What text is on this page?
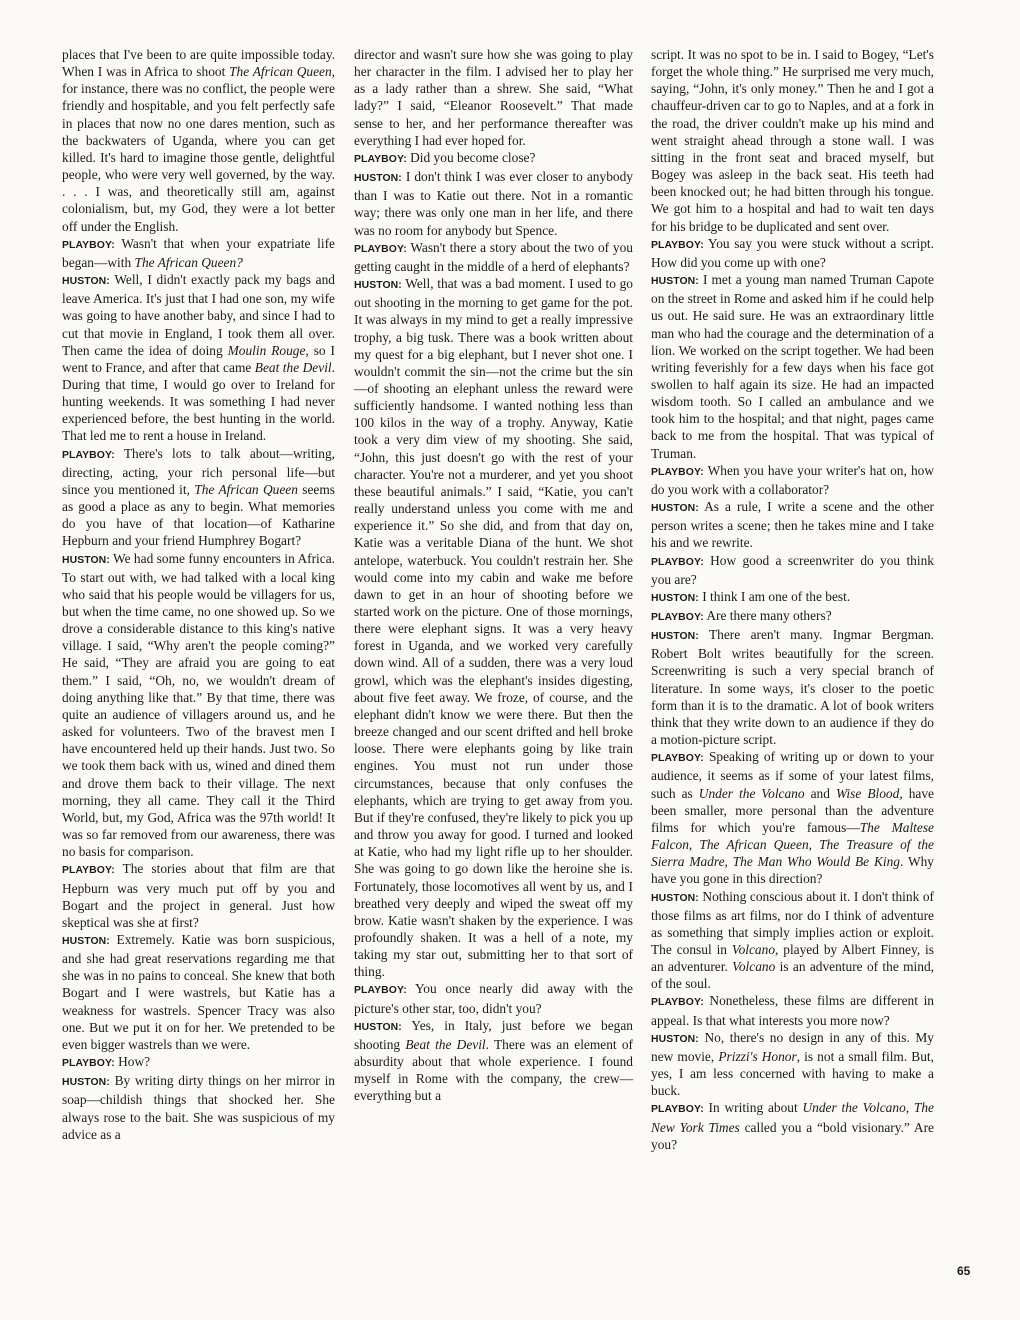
places that I've been to are quite impossible today. When I was in Africa to shoot The African Queen, for instance, there was no conflict, the people were friendly and hospitable, and you felt perfectly safe in places that now no one dares mention, such as the backwaters of Uganda, where you can get killed. It's hard to imagine those gentle, delightful people, who were very well governed, by the way. . . . I was, and theoretically still am, against colonialism, but, my God, they were a lot better off under the English.

PLAYBOY: Wasn't that when your expatriate life began—with The African Queen?

HUSTON: Well, I didn't exactly pack my bags and leave America. It's just that I had one son, my wife was going to have another baby, and since I had to cut that movie in England, I took them all over. Then came the idea of doing Moulin Rouge, so I went to France, and after that came Beat the Devil. During that time, I would go over to Ireland for hunting weekends. It was something I had never experienced before, the best hunting in the world. That led me to rent a house in Ireland.

PLAYBOY: There's lots to talk about—writing, directing, acting, your rich personal life—but since you mentioned it, The African Queen seems as good a place as any to begin. What memories do you have of that location—of Katharine Hepburn and your friend Humphrey Bogart?

HUSTON: We had some funny encounters in Africa. To start out with, we had talked with a local king who said that his people would be villagers for us, but when the time came, no one showed up. So we drove a considerable distance to this king's native village. I said, “Why aren't the people coming?” He said, “They are afraid you are going to eat them.” I said, “Oh, no, we wouldn't dream of doing anything like that.” By that time, there was quite an audience of villagers around us, and he asked for volunteers. Two of the bravest men I have encountered held up their hands. Just two. So we took them back with us, wined and dined them and drove them back to their village. The next morning, they all came. They call it the Third World, but, my God, Africa was the 97th world! It was so far removed from our awareness, there was no basis for comparison.

PLAYBOY: The stories about that film are that Hepburn was very much put off by you and Bogart and the project in general. Just how skeptical was she at first?

HUSTON: Extremely. Katie was born suspicious, and she had great reservations regarding me that she was in no pains to conceal. She knew that both Bogart and I were wastrels, but Katie has a weakness for wastrels. Spencer Tracy was also one. But we put it on for her. We pretended to be even bigger wastrels than we were.

PLAYBOY: How?

HUSTON: By writing dirty things on her mirror in soap—childish things that shocked her. She always rose to the bait. She was suspicious of my advice as a

director and wasn't sure how she was going to play her character in the film. I advised her to play her as a lady rather than a shrew. She said, “What lady?” I said, “Eleanor Roosevelt.” That made sense to her, and her performance thereafter was everything I had ever hoped for.

PLAYBOY: Did you become close?

HUSTON: I don't think I was ever closer to anybody than I was to Katie out there. Not in a romantic way; there was only one man in her life, and there was no room for anybody but Spence.

PLAYBOY: Wasn't there a story about the two of you getting caught in the middle of a herd of elephants?

HUSTON: Well, that was a bad moment. I used to go out shooting in the morning to get game for the pot. It was always in my mind to get a really impressive trophy, a big tusk. There was a book written about my quest for a big elephant, but I never shot one. I wouldn't commit the sin—not the crime but the sin—of shooting an elephant unless the reward were sufficiently handsome. I wanted nothing less than 100 kilos in the way of a trophy. Anyway, Katie took a very dim view of my shooting. She said, “John, this just doesn't go with the rest of your character. You're not a murderer, and yet you shoot these beautiful animals.” I said, “Katie, you can't really understand unless you come with me and experience it.” So she did, and from that day on, Katie was a veritable Diana of the hunt. We shot antelope, waterbuck. You couldn't restrain her. She would come into my cabin and wake me before dawn to get in an hour of shooting before we started work on the picture. One of those mornings, there were elephant signs. It was a very heavy forest in Uganda, and we worked very carefully down wind. All of a sudden, there was a very loud growl, which was the elephant's insides digesting, about five feet away. We froze, of course, and the elephant didn't know we were there. But then the breeze changed and our scent drifted and hell broke loose. There were elephants going by like train engines. You must not run under those circumstances, because that only confuses the elephants, which are trying to get away from you. But if they're confused, they're likely to pick you up and throw you away for good. I turned and looked at Katie, who had my light rifle up to her shoulder. She was going to go down like the heroine she is. Fortunately, those locomotives all went by us, and I breathed very deeply and wiped the sweat off my brow. Katie wasn't shaken by the experience. I was profoundly shaken. It was a hell of a note, my taking my star out, submitting her to that sort of thing.

PLAYBOY: You once nearly did away with the picture's other star, too, didn't you?

HUSTON: Yes, in Italy, just before we began shooting Beat the Devil. There was an element of absurdity about that whole experience. I found myself in Rome with the company, the crew—everything but a

script. It was no spot to be in. I said to Bogey, “Let's forget the whole thing.” He surprised me very much, saying, “John, it's only money.” Then he and I got a chauffeur-driven car to go to Naples, and at a fork in the road, the driver couldn't make up his mind and went straight ahead through a stone wall. I was sitting in the front seat and braced myself, but Bogey was asleep in the back seat. His teeth had been knocked out; he had bitten through his tongue. We got him to a hospital and had to wait ten days for his bridge to be duplicated and sent over.

PLAYBOY: You say you were stuck without a script. How did you come up with one?

HUSTON: I met a young man named Truman Capote on the street in Rome and asked him if he could help us out. He said sure. He was an extraordinary little man who had the courage and the determination of a lion. We worked on the script together. We had been writing feverishly for a few days when his face got swollen to half again its size. He had an impacted wisdom tooth. So I called an ambulance and we took him to the hospital; and that night, pages came back to me from the hospital. That was typical of Truman.

PLAYBOY: When you have your writer's hat on, how do you work with a collaborator?

HUSTON: As a rule, I write a scene and the other person writes a scene; then he takes mine and I take his and we rewrite.

PLAYBOY: How good a screenwriter do you think you are?

HUSTON: I think I am one of the best.

PLAYBOY: Are there many others?

HUSTON: There aren't many. Ingmar Bergman. Robert Bolt writes beautifully for the screen. Screenwriting is such a very special branch of literature. In some ways, it's closer to the poetic form than it is to the dramatic. A lot of book writers think that they write down to an audience if they do a motion-picture script.

PLAYBOY: Speaking of writing up or down to your audience, it seems as if some of your latest films, such as Under the Volcano and Wise Blood, have been smaller, more personal than the adventure films for which you're famous—The Maltese Falcon, The African Queen, The Treasure of the Sierra Madre, The Man Who Would Be King. Why have you gone in this direction?

HUSTON: Nothing conscious about it. I don't think of those films as art films, nor do I think of adventure as something that simply implies action or exploit. The consul in Volcano, played by Albert Finney, is an adventurer. Volcano is an adventure of the mind, of the soul.

PLAYBOY: Nonetheless, these films are different in appeal. Is that what interests you more now?

HUSTON: No, there's no design in any of this. My new movie, Prizzi's Honor, is not a small film. But, yes, I am less concerned with having to make a buck.

PLAYBOY: In writing about Under the Volcano, The New York Times called you a “bold visionary.” Are you?

65
